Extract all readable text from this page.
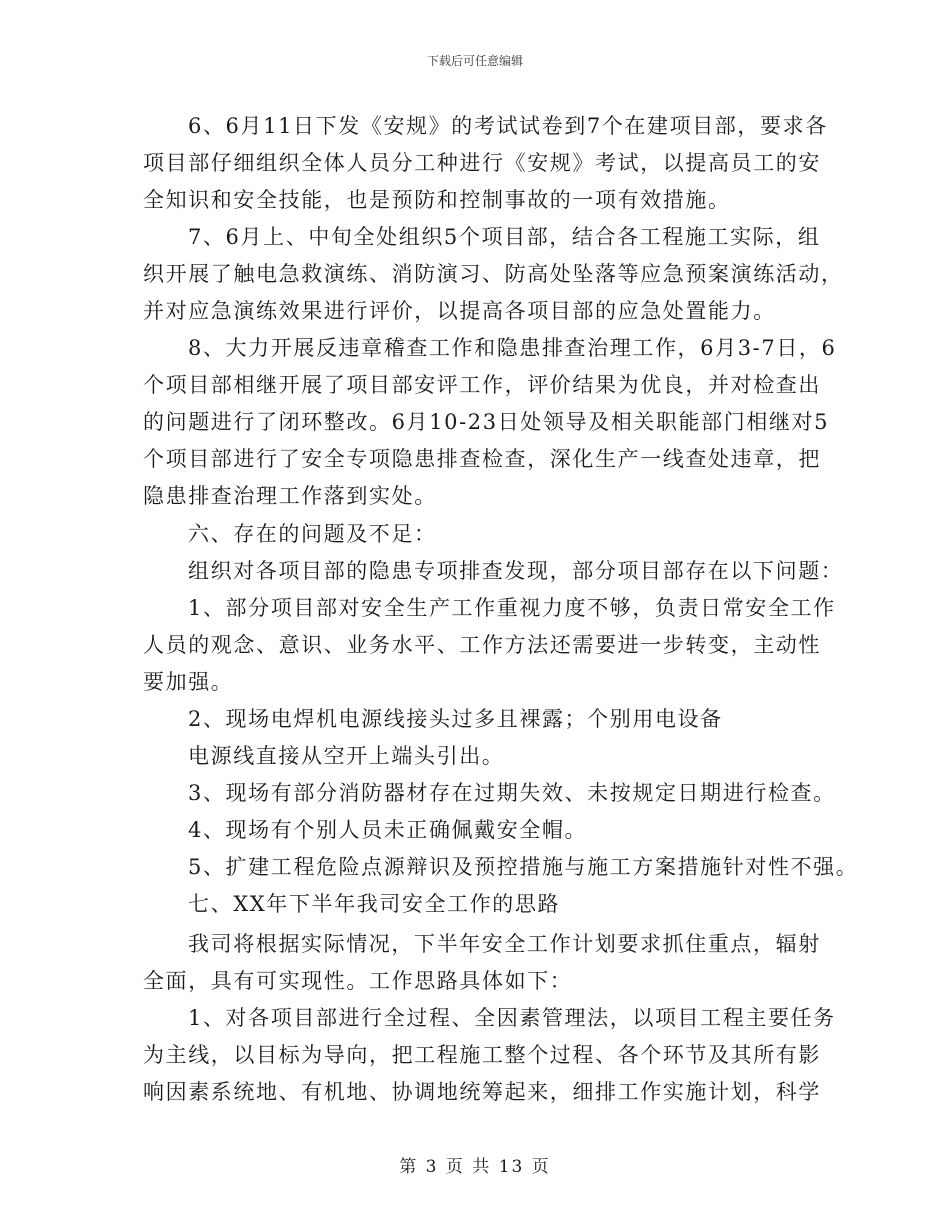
下载后可任意编辑
6、6月11日下发《安规》的考试试卷到7个在建项目部，要求各
项目部仔细组织全体人员分工种进行《安规》考试，以提高员工的安
全知识和安全技能，也是预防和控制事故的一项有效措施。
7、6月上、中旬全处组织5个项目部，结合各工程施工实际，组
织开展了触电急救演练、消防演习、防高处坠落等应急预案演练活动，
并对应急演练效果进行评价，以提高各项目部的应急处置能力。
8、大力开展反违章稽查工作和隐患排查治理工作，6月3-7日，6
个项目部相继开展了项目部安评工作，评价结果为优良，并对检查出
的问题进行了闭环整改。6月10-23日处领导及相关职能部门相继对5
个项目部进行了安全专项隐患排查检查，深化生产一线查处违章，把
隐患排查治理工作落到实处。
六、存在的问题及不足：
组织对各项目部的隐患专项排查发现，部分项目部存在以下问题：
1、部分项目部对安全生产工作重视力度不够，负责日常安全工作
人员的观念、意识、业务水平、工作方法还需要进一步转变，主动性
要加强。
2、现场电焊机电源线接头过多且裸露；个别用电设备
电源线直接从空开上端头引出。
3、现场有部分消防器材存在过期失效、未按规定日期进行检查。
4、现场有个别人员未正确佩戴安全帽。
5、扩建工程危险点源辩识及预控措施与施工方案措施针对性不强。
七、XX年下半年我司安全工作的思路
我司将根据实际情况，下半年安全工作计划要求抓住重点，辐射
全面，具有可实现性。工作思路具体如下：
1、对各项目部进行全过程、全因素管理法，以项目工程主要任务
为主线，以目标为导向，把工程施工整个过程、各个环节及其所有影
响因素系统地、有机地、协调地统筹起来，细排工作实施计划，科学
第 3 页 共 13 页
